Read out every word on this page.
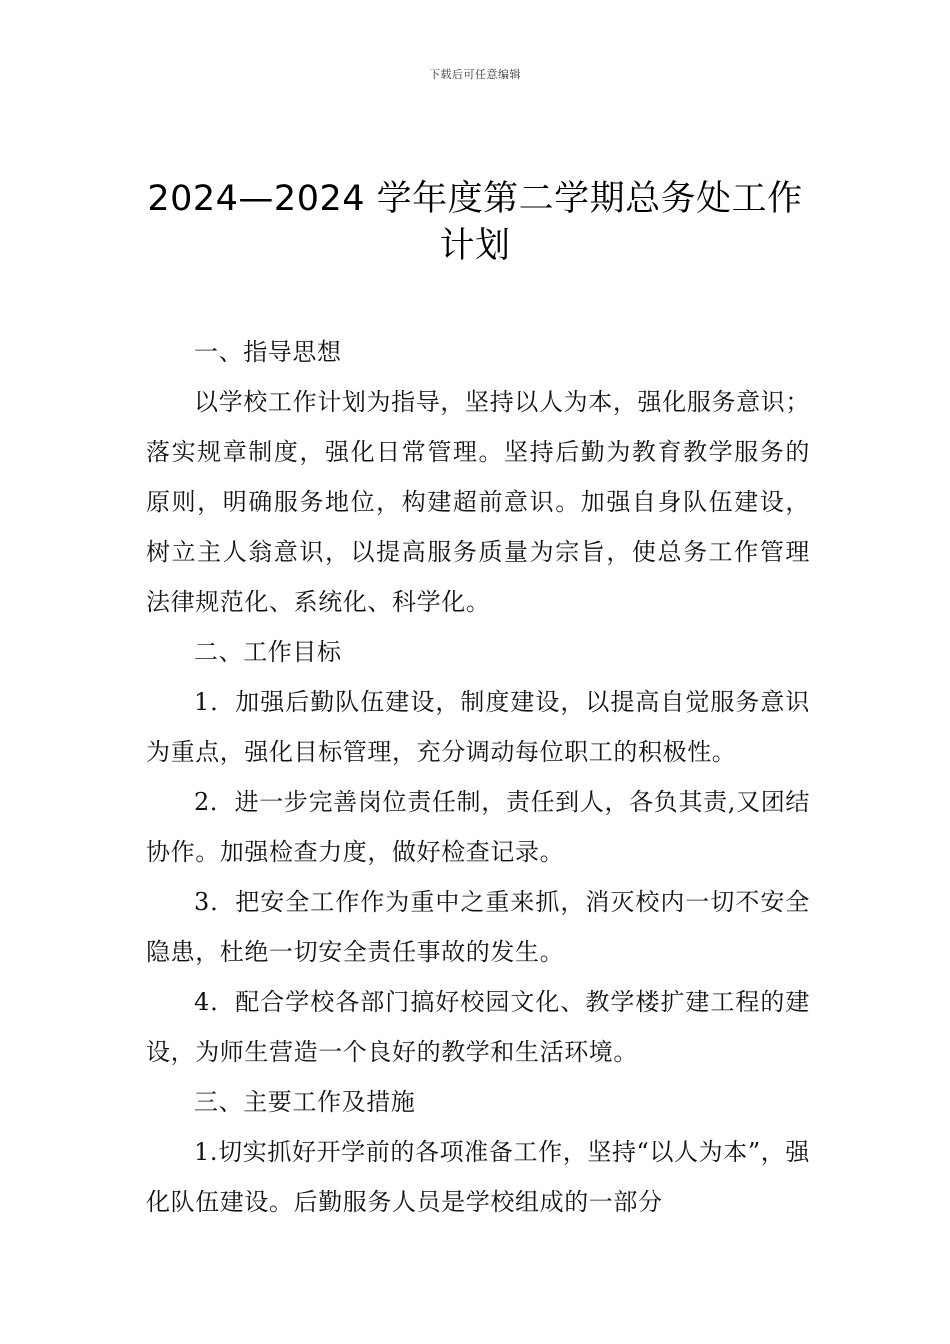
下载后可任意编辑
2024—2024 学年度第二学期总务处工作计划

一、指导思想

以学校工作计划为指导，坚持以人为本，强化服务意识；落实规章制度，强化日常管理。坚持后勤为教育教学服务的原则，明确服务地位，构建超前意识。加强自身队伍建设，树立主人翁意识，以提高服务质量为宗旨，使总务工作管理法律规范化、系统化、科学化。

二、工作目标

1．加强后勤队伍建设，制度建设，以提高自觉服务意识为重点，强化目标管理，充分调动每位职工的积极性。

2．进一步完善岗位责任制，责任到人，各负其责,又团结协作。加强检查力度，做好检查记录。

3．把安全工作作为重中之重来抓，消灭校内一切不安全隐患，杜绝一切安全责任事故的发生。

4．配合学校各部门搞好校园文化、教学楼扩建工程的建设，为师生营造一个良好的教学和生活环境。

三、主要工作及措施

1.切实抓好开学前的各项准备工作，坚持“以人为本”，强化队伍建设。后勤服务人员是学校组成的一部分
